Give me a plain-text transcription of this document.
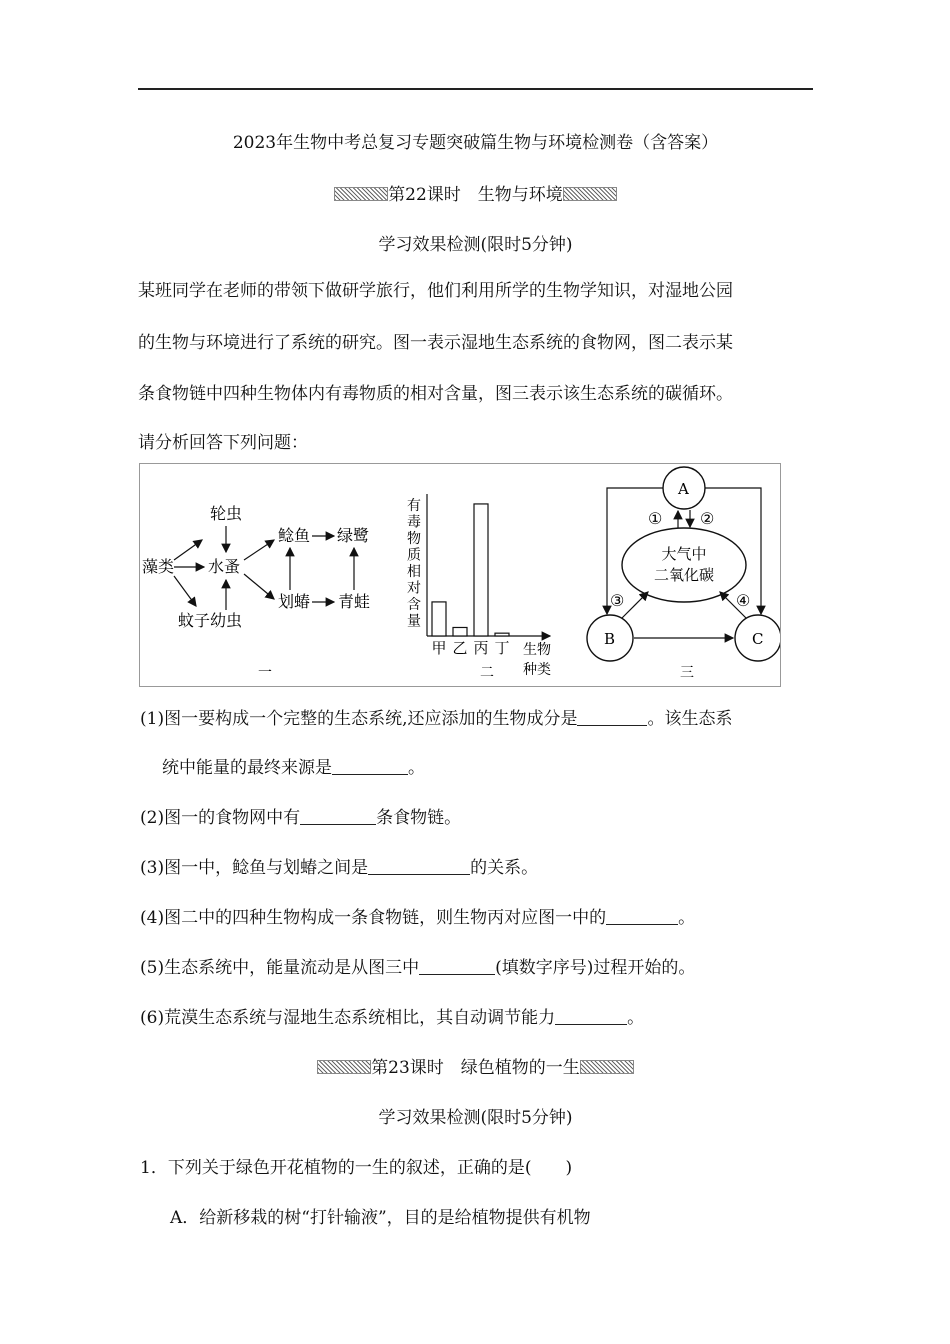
2023年生物中考总复习专题突破篇生物与环境检测卷（含答案）
第22课时　生物与环境
学习效果检测(限时5分钟)
某班同学在老师的带领下做研学旅行，他们利用所学的生物学知识，对湿地公园
的生物与环境进行了系统的研究。图一表示湿地生态系统的食物网，图二表示某
条食物链中四种生物体内有毒物质的相对含量，图三表示该生态系统的碳循环。
请分析回答下列问题：
藻类
轮虫
水蚤
蚊子幼虫
鲶鱼 绿鹭
划蝽 青蛙
一
有
毒
物
质
相
对
含
量
甲 乙 丙 丁 生物
种类
二
A
B	C
大气中
二氧化碳
① ②
③	④
三
(1)图一要构成一个完整的生态系统,还应添加的生物成分是	。该生态系
统中能量的最终来源是	。
(2)图一的食物网中有	条食物链。
(3)图一中，鲶鱼与划蝽之间是	的关系。
(4)图二中的四种生物构成一条食物链，则生物丙对应图一中的	。
(5)生态系统中，能量流动是从图三中	(填数字序号)过程开始的。
(6)荒漠生态系统与湿地生态系统相比，其自动调节能力	。
第23课时　绿色植物的一生
学习效果检测(限时5分钟)
1．下列关于绿色开花植物的一生的叙述，正确的是(　　)
A．给新移栽的树“打针输液”，目的是给植物提供有机物
